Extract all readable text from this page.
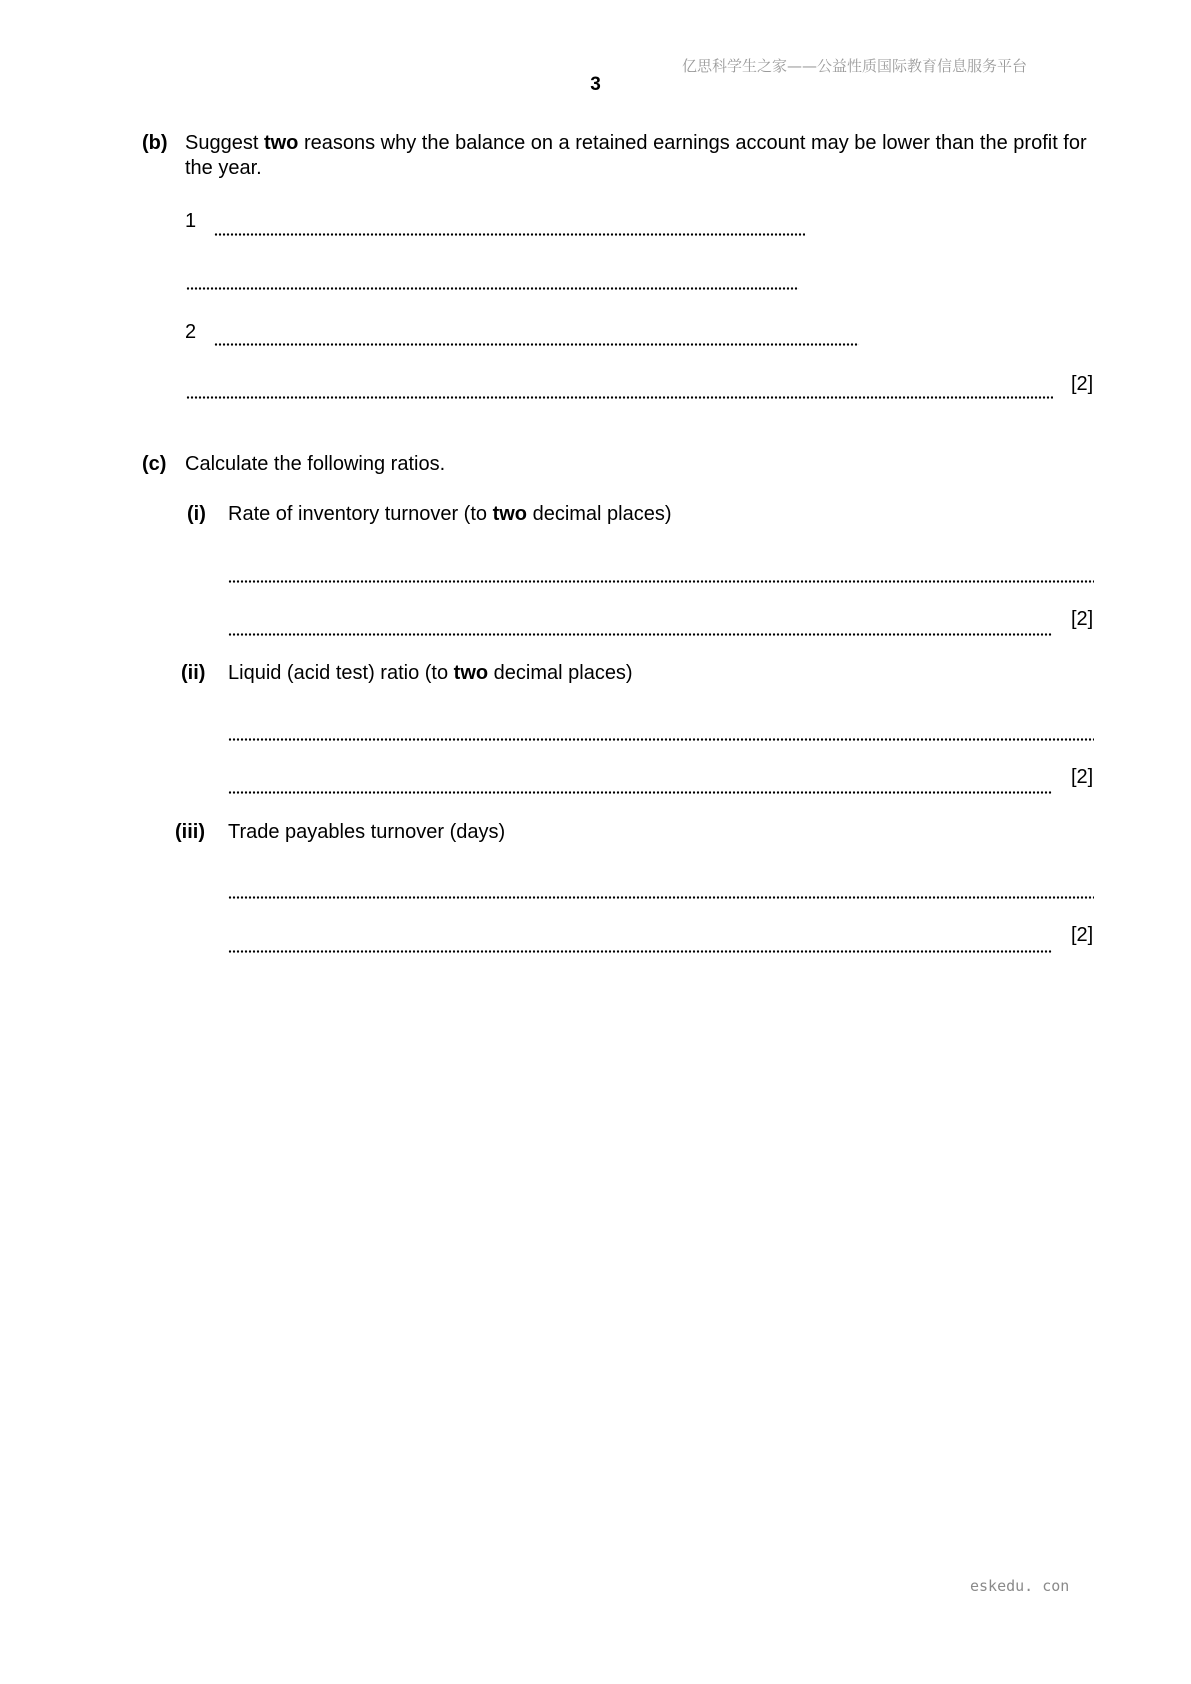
亿思科学生之家——公益性质国际教育信息服务平台
3
(b) Suggest two reasons why the balance on a retained earnings account may be lower than the profit for the year.
1
2
[2]
(c) Calculate the following ratios.
(i) Rate of inventory turnover (to two decimal places)
[2]
(ii) Liquid (acid test) ratio (to two decimal places)
[2]
(iii) Trade payables turnover (days)
[2]
eskedu. con
